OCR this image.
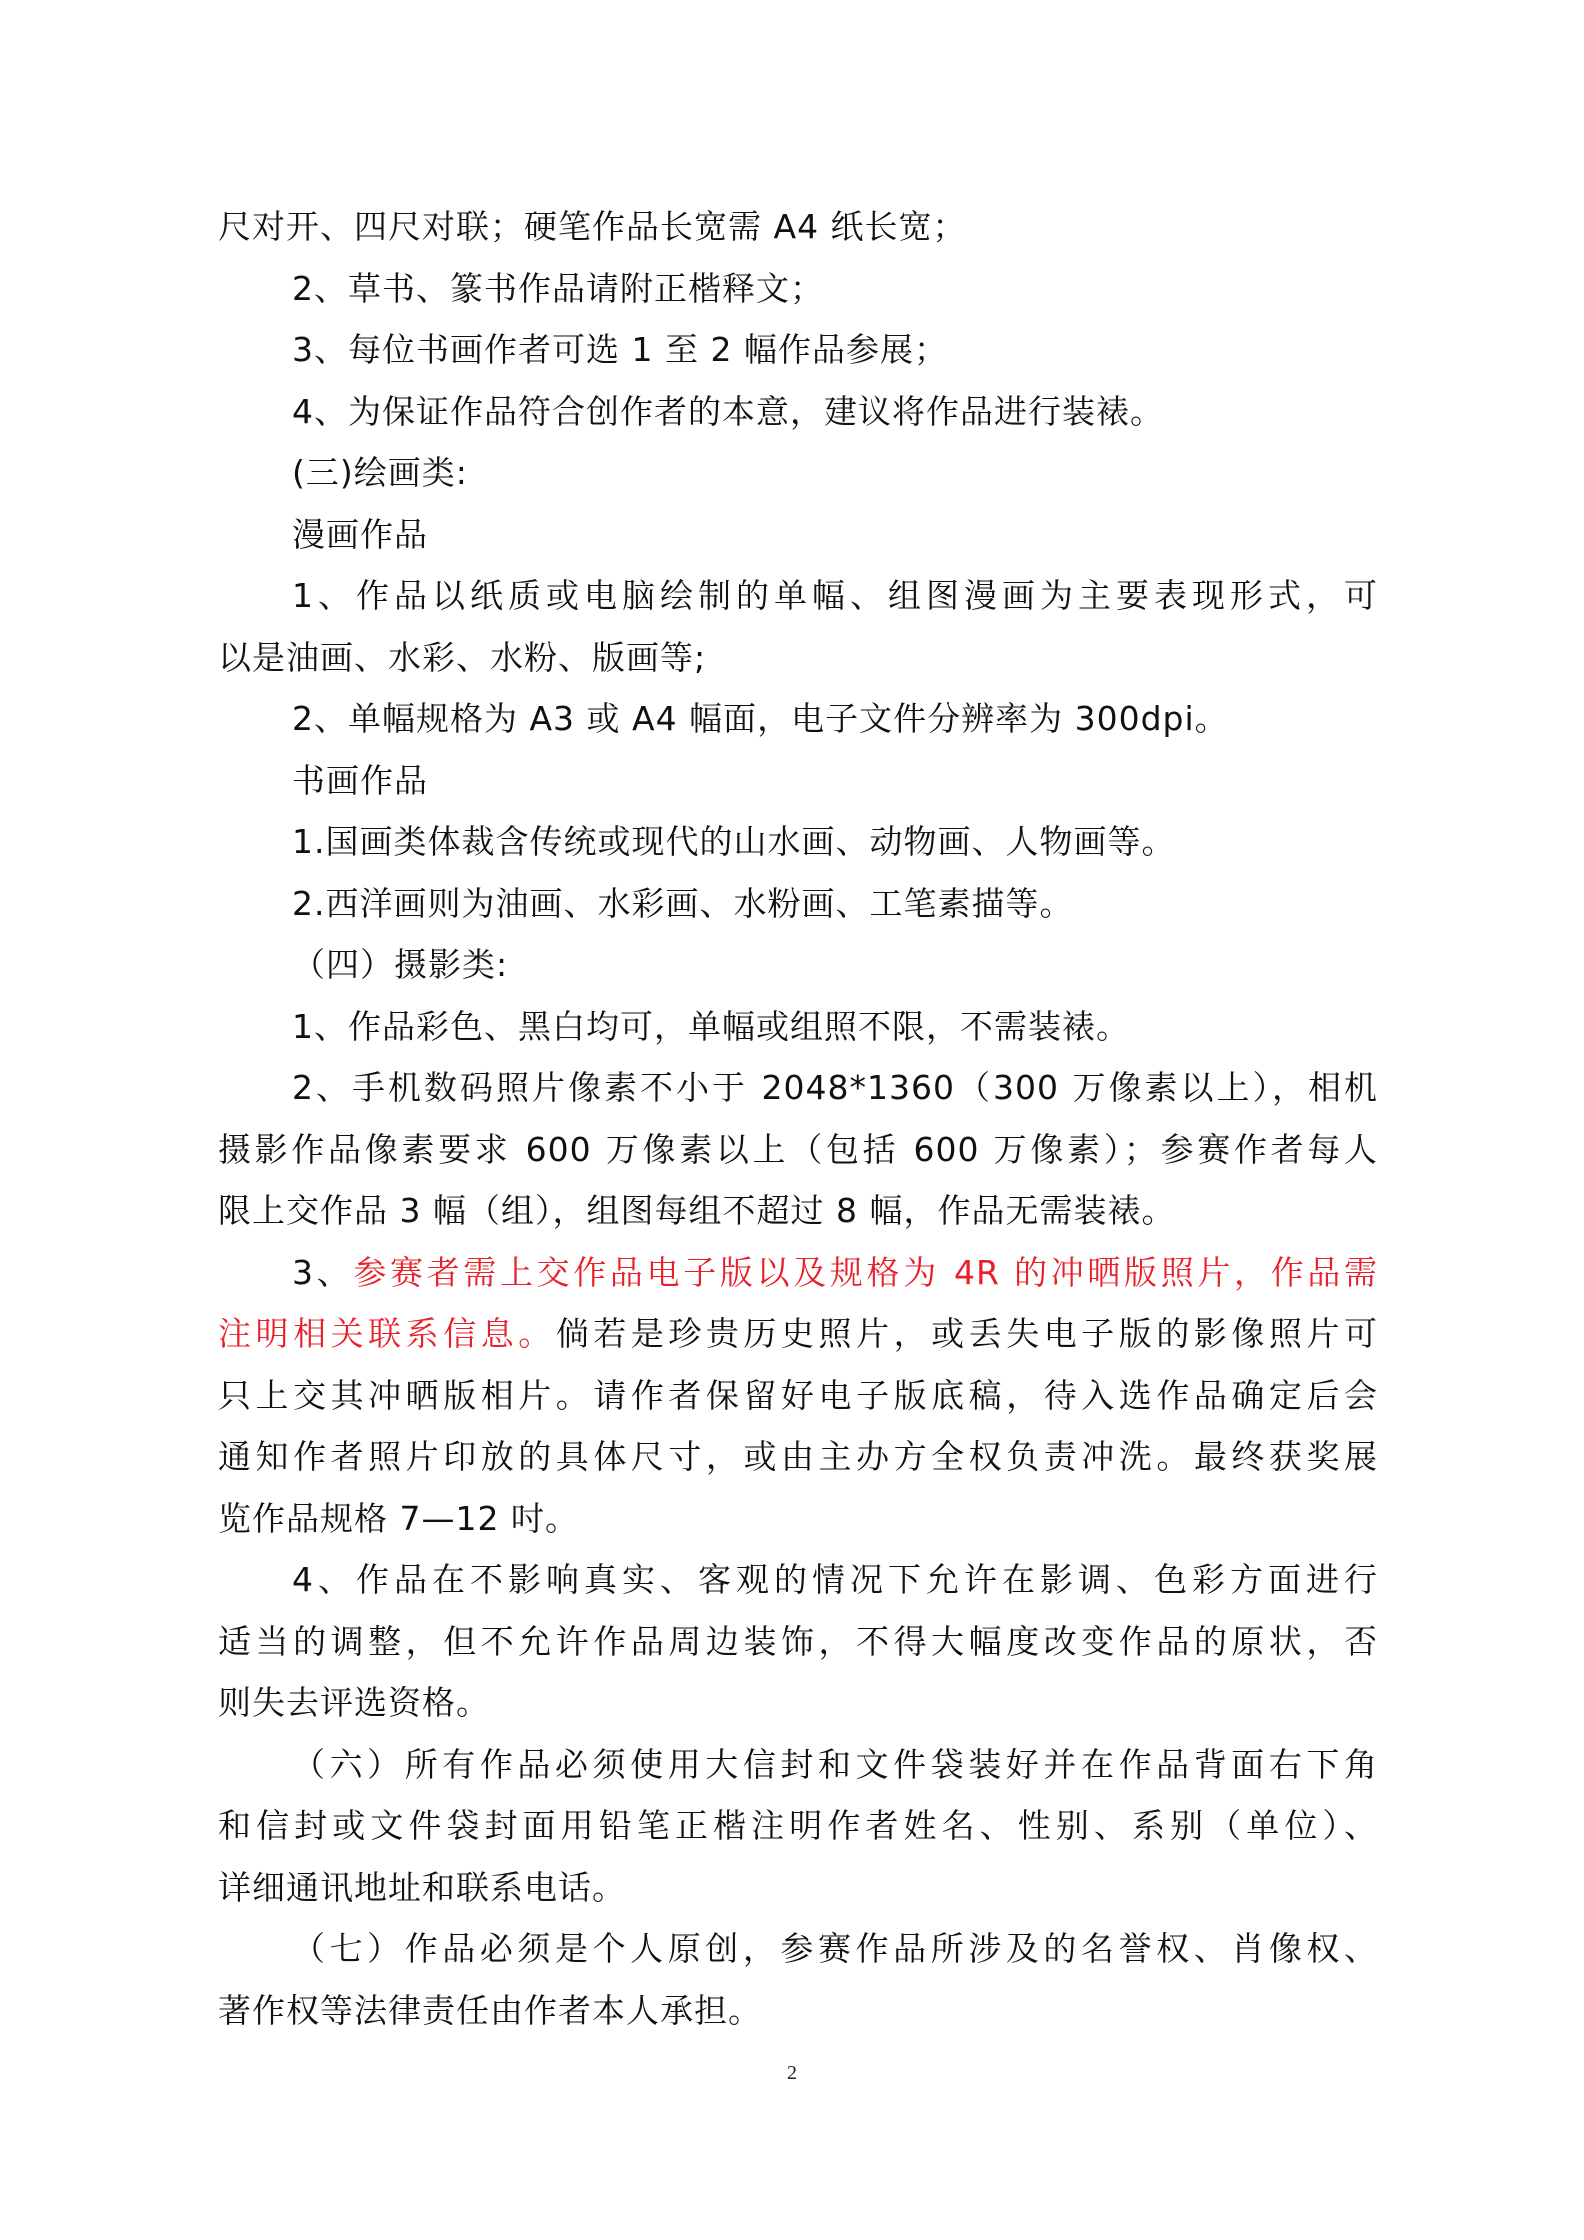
尺对开、四尺对联；硬笔作品长宽需 A4 纸长宽；
2、草书、篆书作品请附正楷释文；
3、每位书画作者可选 1 至 2 幅作品参展；
4、为保证作品符合创作者的本意，建议将作品进行装裱。
(三)绘画类:
漫画作品
1、作品以纸质或电脑绘制的单幅、组图漫画为主要表现形式，可
以是油画、水彩、水粉、版画等;
2、单幅规格为 A3 或 A4 幅面，电子文件分辨率为 300dpi。
书画作品
1.国画类体裁含传统或现代的山水画、动物画、人物画等。
2.西洋画则为油画、水彩画、水粉画、工笔素描等。
（四）摄影类:
1、作品彩色、黑白均可，单幅或组照不限，不需装裱。
2、手机数码照片像素不小于 2048*1360（300 万像素以上），相机
摄影作品像素要求 600 万像素以上（包括 600 万像素）；参赛作者每人
限上交作品 3 幅（组），组图每组不超过 8 幅，作品无需装裱。
3、参赛者需上交作品电子版以及规格为 4R 的冲晒版照片，作品需
注明相关联系信息。倘若是珍贵历史照片，或丢失电子版的影像照片可
只上交其冲晒版相片。请作者保留好电子版底稿，待入选作品确定后会
通知作者照片印放的具体尺寸，或由主办方全权负责冲洗。最终获奖展
览作品规格 7—12 吋。
4、作品在不影响真实、客观的情况下允许在影调、色彩方面进行
适当的调整，但不允许作品周边装饰，不得大幅度改变作品的原状，否
则失去评选资格。
（六）所有作品必须使用大信封和文件袋装好并在作品背面右下角
和信封或文件袋封面用铅笔正楷注明作者姓名、性别、系别（单位）、
详细通讯地址和联系电话。
（七）作品必须是个人原创，参赛作品所涉及的名誉权、肖像权、
著作权等法律责任由作者本人承担。
2
